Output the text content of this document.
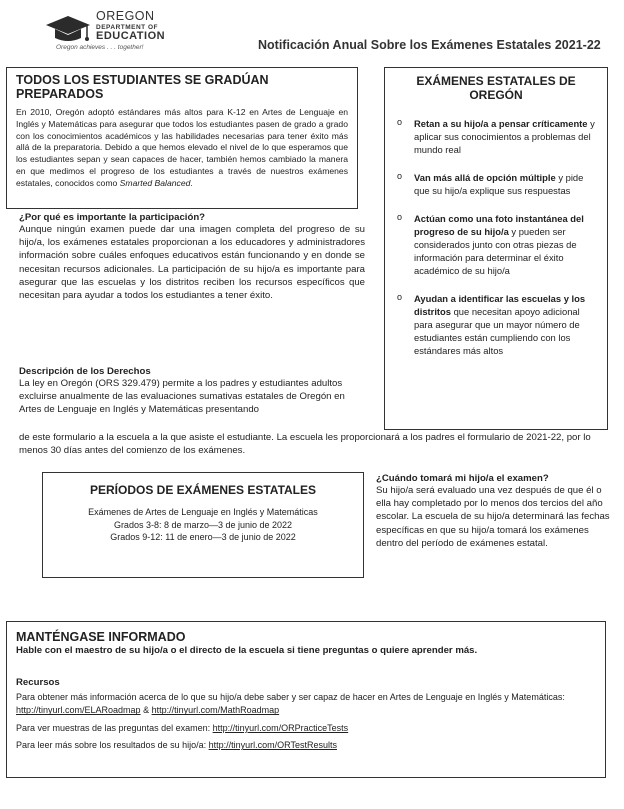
OREGON
DEPARTMENT OF
EDUCATION
Oregon achieves . . . together!	Notificación Anual Sobre los Exámenes Estatales 2021-22
TODOS LOS ESTUDIANTES SE GRADÚAN PREPARADOS

En 2010, Oregón adoptó estándares más altos para K-12 en Artes de Lenguaje en Inglés y Matemáticas para asegurar que todos los estudiantes pasen de grado a grado con los conocimientos académicos y las habilidades necesarias para tener éxito más allá de la preparatoria. Debido a que hemos elevado el nivel de lo que esperamos que los estudiantes sepan y sean capaces de hacer, también hemos cambiado la manera en que medimos el progreso de los estudiantes a través de nuestros exámenes estatales, conocidos como Smarted Balanced.

EXÁMENES ESTATALES DE OREGÓN
o Retan a su hijo/a a pensar críticamente y aplicar sus conocimientos a problemas del mundo real
o Van más allá de opción múltiple y pide que su hijo/a explique sus respuestas
o Actúan como una foto instantánea del progreso de su hijo/a y pueden ser considerados junto con otras piezas de información para determinar el éxito académico de su hijo/a
o Ayudan a identificar las escuelas y los distritos que necesitan apoyo adicional para asegurar que un mayor número de estudiantes están cumpliendo con los estándares más altos
¿Por qué es importante la participación?
Aunque ningún examen puede dar una imagen completa del progreso de su hijo/a, los exámenes estatales proporcionan a los educadores y administradores información sobre cuáles enfoques educativos están funcionando y en donde se necesitan recursos adicionales. La participación de su hijo/a es importante para asegurar que las escuelas y los distritos reciben los recursos específicos que necesitan para ayudar a todos los estudiantes a tener éxito.
Descripción de los Derechos
La ley en Oregón (ORS 329.479) permite a los padres y estudiantes adultos excluirse anualmente de las evaluaciones sumativas estatales de Oregón en Artes de Lenguaje en Inglés y Matemáticas presentando
de este formulario a la escuela a la que asiste el estudiante. La escuela les proporcionará a los padres el formulario de 2021-22, por lo menos 30 días antes del comienzo de los exámenes.
PERÍODOS DE EXÁMENES ESTATALES

Exámenes de Artes de Lenguaje en Inglés y Matemáticas

Grados 3-8: 8 de marzo—3 de junio de 2022

Grados 9-12: 11 de enero—3 de junio de 2022

¿Cuándo tomará mi hijo/a el examen?
Su hijo/a será evaluado una vez después de que él o ella hay completado por lo menos dos tercios del año escolar. La escuela de su hijo/a determinará las fechas específicas en que su hijo/a tomará los exámenes dentro del período de exámenes estatal.
MANTÉNGASE INFORMADO
Hable con el maestro de su hijo/a o el directo de la escuela si tiene preguntas o quiere aprender más.
Recursos

Para obtener más información acerca de lo que su hijo/a debe saber y ser capaz de hacer en Artes de Lenguaje en Inglés y Matemáticas: http://tinyurl.com/ELARoadmap & http://tinyurl.com/MathRoadmap

Para ver muestras de las preguntas del examen: http://tinyurl.com/ORPracticeTests

Para leer más sobre los resultados de su hijo/a: http://tinyurl.com/ORTestResults
